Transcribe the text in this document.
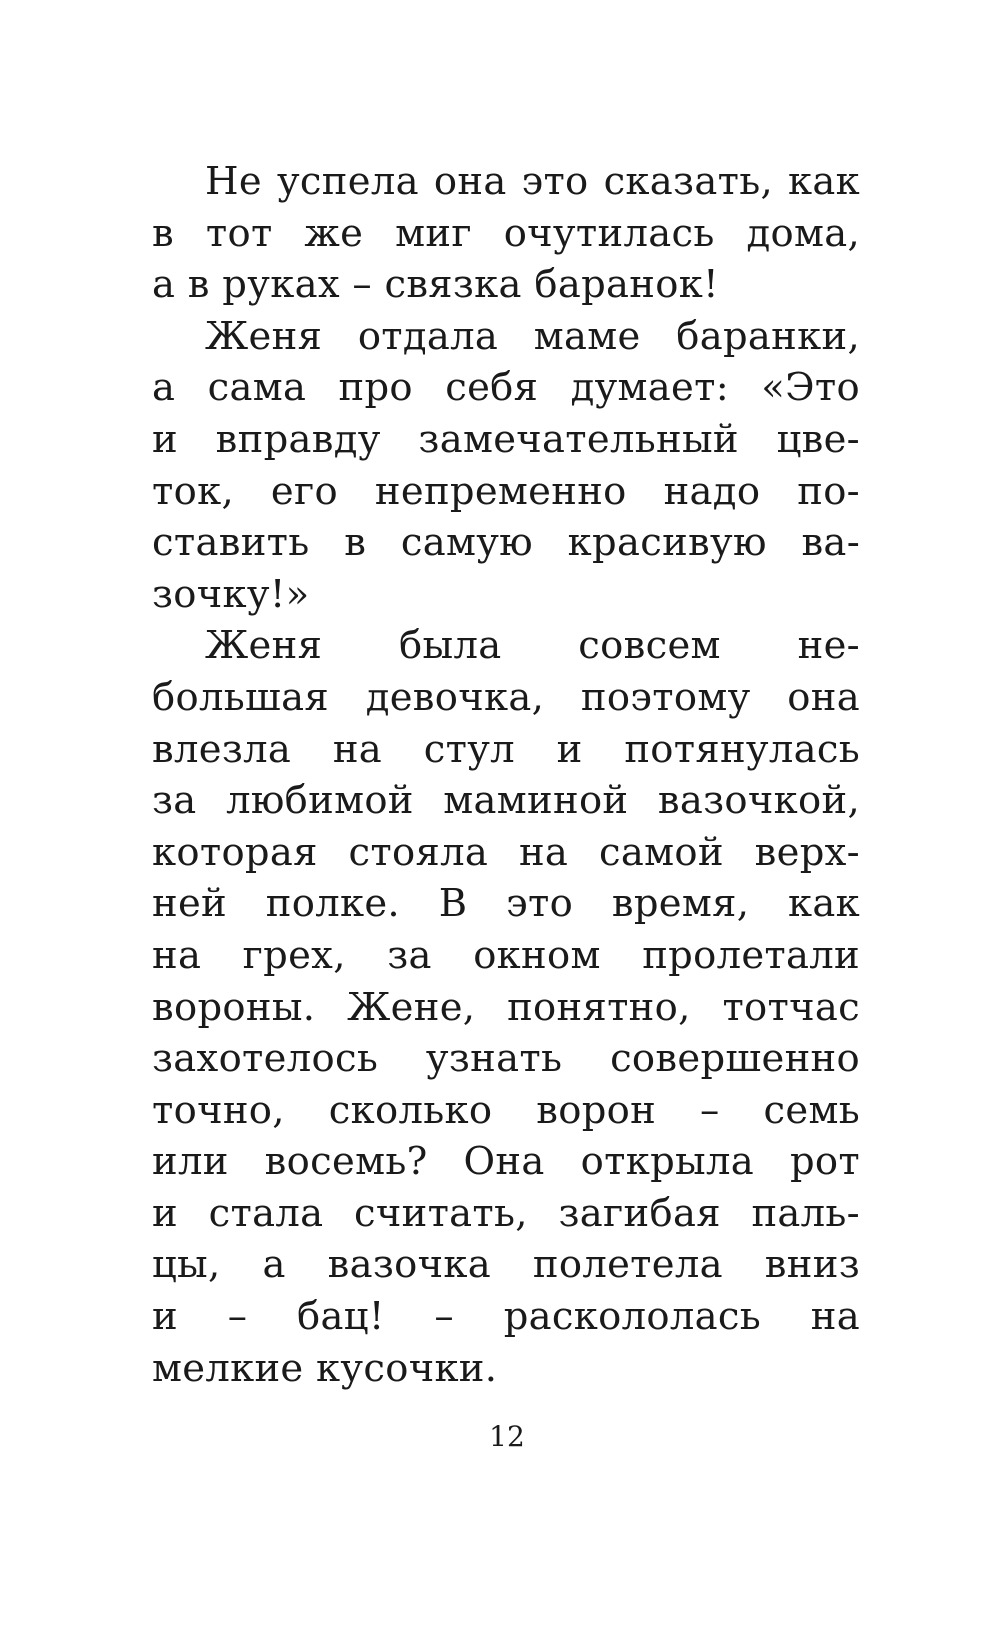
Не успела она это сказать, как
в тот же миг очутилась дома,
а в руках – связка баранок!
Женя отдала маме баранки,
а сама про себя думает: «Это
и вправду замечательный цве-
ток, его непременно надо по-
ставить в самую красивую ва-
зочку!»
Женя была совсем не-
большая девочка, поэтому она
влезла на стул и потянулась
за любимой маминой вазочкой,
которая стояла на самой верх-
ней полке. В это время, как
на грех, за окном пролетали
вороны. Жене, понятно, тотчас
захотелось узнать совершенно
точно, сколько ворон – семь
или восемь? Она открыла рот
и стала считать, загибая паль-
цы, а вазочка полетела вниз
и – бац! – раскололась на
мелкие кусочки.
12
